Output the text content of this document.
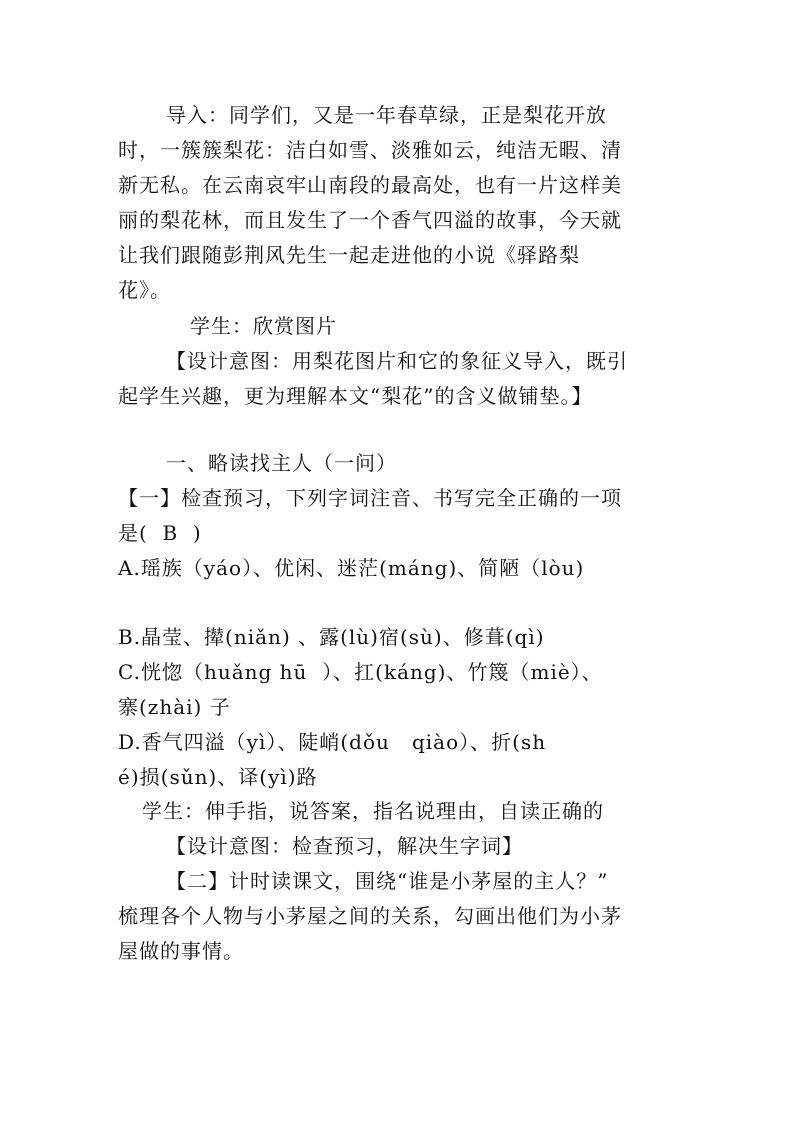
导入：同学们，又是一年春草绿，正是梨花开放
时，一簇簇梨花：洁白如雪、淡雅如云，纯洁无暇、清
新无私。在云南哀牢山南段的最高处，也有一片这样美
丽的梨花林，而且发生了一个香气四溢的故事，今天就
让我们跟随彭荆风先生一起走进他的小说《驿路梨
花》。
学生：欣赏图片
【设计意图：用梨花图片和它的象征义导入，既引
起学生兴趣，更为理解本文“梨花”的含义做铺垫。】
一、略读找主人（一问）
【一】检查预习，下列字词注音、书写完全正确的一项
是(  B  )
A.瑶族（yáo）、优闲、迷茫(máng)、简陋（lòu)
B.晶莹、撵(niǎn) 、露(lù)宿(sù)、修葺(qì)
C.恍惚（huǎng hū  ）、扛(káng)、竹篾（miè）、
寨(zhài) 子
D.香气四溢（yì）、陡峭(dǒu   qiào）、折(sh
é)损(sǔn)、译(yì)路
学生：伸手指，说答案，指名说理由，自读正确的
【设计意图：检查预习，解决生字词】
【二】计时读课文，围绕“谁是小茅屋的主人？”
梳理各个人物与小茅屋之间的关系，勾画出他们为小茅
屋做的事情。
